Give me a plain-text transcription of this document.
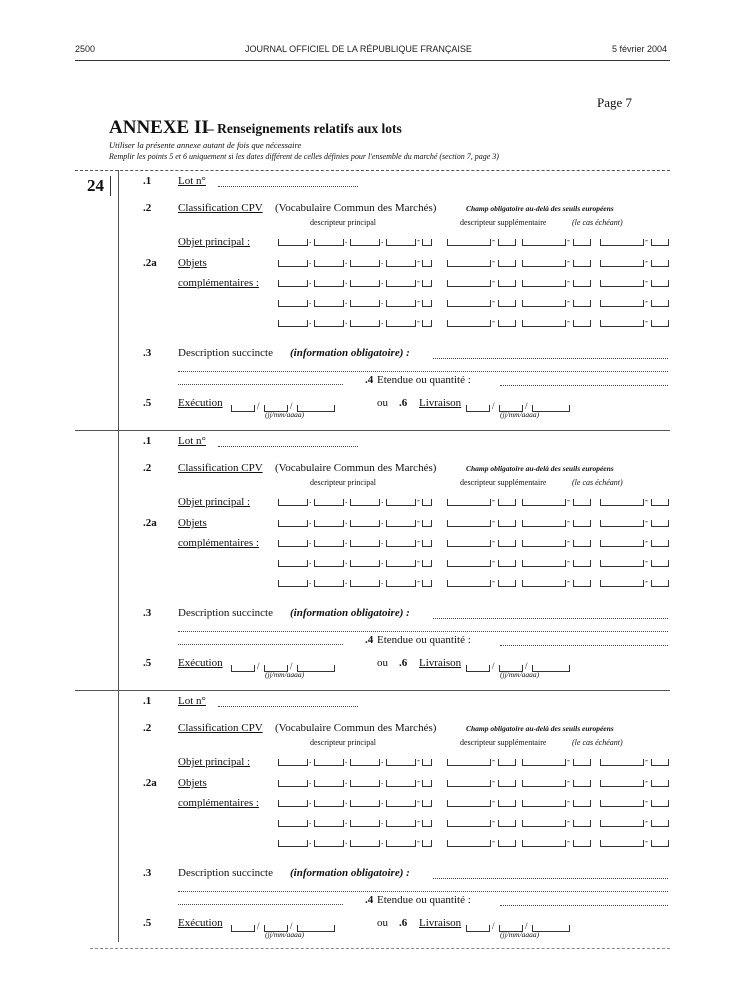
2500	JOURNAL OFFICIEL DE LA RÉPUBLIQUE FRANÇAISE	5 février 2004
Page 7
ANNEXE II
– Renseignements relatifs aux lots
Utiliser la présente annexe autant de fois que nécessaire
Remplir les points 5 et 6 uniquement si les dates différent de celles définies pour l'ensemble du marché (section 7, page 3)
24	.1 Lot n°
.2 Classification CPV (Vocabulaire Commun des Marchés)	Champ obligatoire au-delà des seuils européens
descripteur principal	descripteur supplémentaire	(le cas échéant)
Objet principal :
.2a Objets
complémentaires :
.	.	.	-	-	-	-
.	.	.	-	-	-	-
.	.	.	-	-	-	-
.	.	.	-	-	-	-
.	.	.	-	-	-	-
.3 Description succincte (information obligatoire) :
.4 Etendue ou quantité :
.5 Exécution	/	/
(jj/mm/aaaa)
ou .6 Livraison	/	/
(jj/mm/aaaa)
.1 Lot n°
.2 Classification CPV (Vocabulaire Commun des Marchés)	Champ obligatoire au-delà des seuils européens
descripteur principal	descripteur supplémentaire	(le cas échéant)
Objet principal :
.2a Objets
complémentaires :
.	.	.	-	-	-	-
.	.	.	-	-	-	-
.	.	.	-	-	-	-
.	.	.	-	-	-	-
.	.	.	-	-	-	-
.3 Description succincte (information obligatoire) :
.4 Etendue ou quantité :
.5 Exécution	/	/
(jj/mm/aaaa)
ou .6 Livraison	/	/
(jj/mm/aaaa)
.1 Lot n°
.2 Classification CPV (Vocabulaire Commun des Marchés)	Champ obligatoire au-delà des seuils européens
descripteur principal	descripteur supplémentaire	(le cas échéant)
Objet principal :
.2a Objets
complémentaires :
.	.	.	-	-	-	-
.	.	.	-	-	-	-
.	.	.	-	-	-	-
.	.	.	-	-	-	-
.	.	.	-	-	-	-
.3 Description succincte (information obligatoire) :
.4 Etendue ou quantité :
.5 Exécution	/	/
(jj/mm/aaaa)
ou .6 Livraison	/	/
(jj/mm/aaaa)
